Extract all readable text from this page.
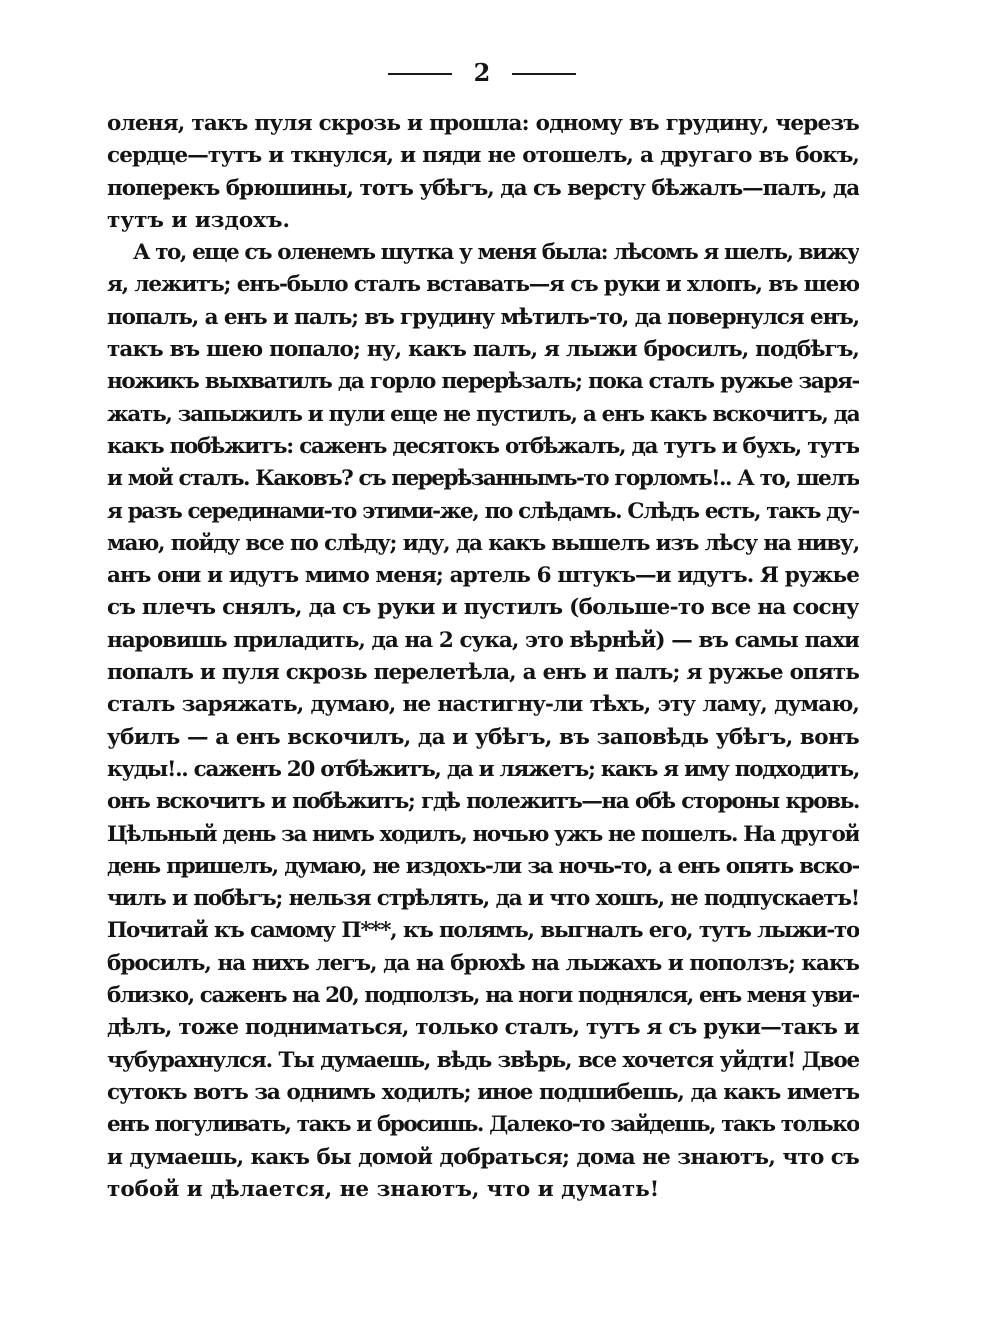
2
оленя, такъ пуля скрозь и прошла: одному въ грудину, черезъ
сердце—тутъ и ткнулся, и пяди не отошелъ, а другаго въ бокъ,
поперекъ брюшины, тотъ убѣгъ, да съ версту бѣжалъ—палъ, да
тутъ и издохъ.
А то, еще съ оленемъ шутка у меня была: лѣсомъ я шелъ, вижу
я, лежитъ; енъ-было сталъ вставать—я съ руки и хлопъ, въ шею
попалъ, а енъ и палъ; въ грудину мѣтилъ-то, да повернулся енъ,
такъ въ шею попало; ну, какъ палъ, я лыжи бросилъ, подбѣгъ,
ножикъ выхватилъ да горло перерѣзалъ; пока сталъ ружье заря-
жать, запыжилъ и пули еще не пустилъ, а енъ какъ вскочитъ, да
какъ побѣжитъ: саженъ десятокъ отбѣжалъ, да тутъ и бухъ, тутъ
и мой сталъ. Каковъ? съ перерѣзаннымъ-то горломъ!.. А то, шелъ
я разъ серединами-то этими-же, по слѣдамъ. Слѣдъ есть, такъ ду-
маю, пойду все по слѣду; иду, да какъ вышелъ изъ лѣсу на ниву,
анъ они и идутъ мимо меня; артель 6 штукъ—и идутъ. Я ружье
съ плечъ снялъ, да съ руки и пустилъ (больше-то все на сосну
наровишь приладить, да на 2 сука, это вѣрнѣй) — въ самы пахи
попалъ и пуля скрозь перелетѣла, а енъ и палъ; я ружье опять
сталъ заряжать, думаю, не настигну-ли тѣхъ, эту ламу, думаю,
убилъ — а енъ вскочилъ, да и убѣгъ, въ заповѣдь убѣгъ, вонъ
куды!.. саженъ 20 отбѣжитъ, да и ляжетъ; какъ я иму подходить,
онъ вскочитъ и побѣжитъ; гдѣ полежитъ—на обѣ стороны кровь.
Цѣльный день за нимъ ходилъ, ночью ужъ не пошелъ. На другой
день пришелъ, думаю, не издохъ-ли за ночь-то, а енъ опять вско-
чилъ и побѣгъ; нельзя стрѣлять, да и что хошъ, не подпускаетъ!
Почитай къ самому П***, къ полямъ, выгналъ его, тутъ лыжи-то
бросилъ, на нихъ легъ, да на брюхѣ на лыжахъ и поползъ; какъ
близко, саженъ на 20, подползъ, на ноги поднялся, енъ меня уви-
дѣлъ, тоже подниматься, только сталъ, тутъ я съ руки—такъ и
чубурахнулся. Ты думаешь, вѣдь звѣрь, все хочется уйдти! Двое
сутокъ вотъ за однимъ ходилъ; иное подшибешь, да какъ иметъ
енъ погуливать, такъ и бросишь. Далеко-то зайдешь, такъ только
и думаешь, какъ бы домой добраться; дома не знаютъ, что съ
тобой и дѣлается, не знаютъ, что и думать!
